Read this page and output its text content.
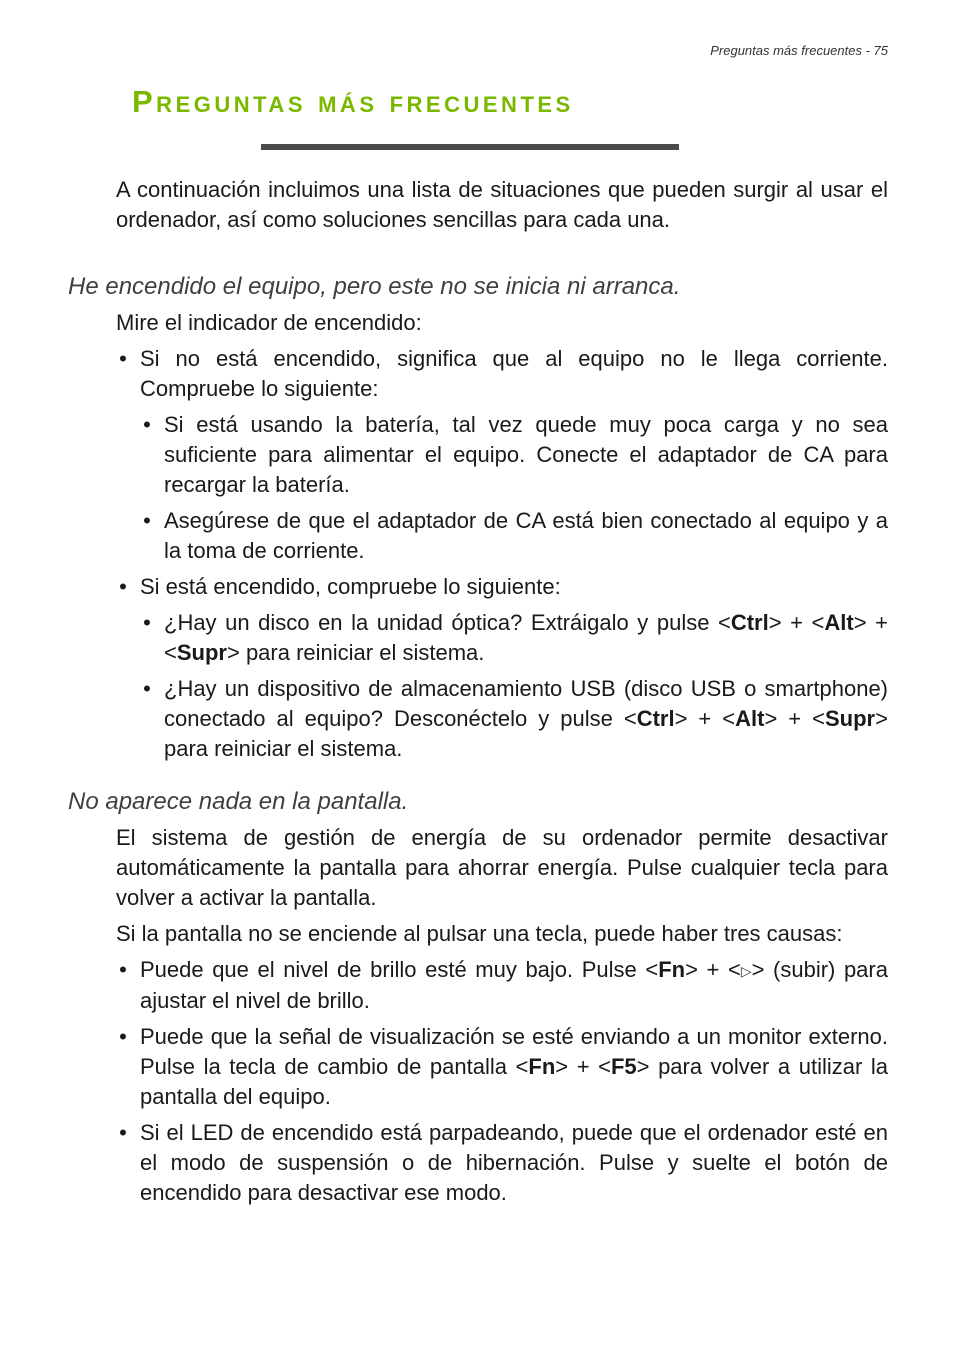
Preguntas más frecuentes - 75
Preguntas más frecuentes

A continuación incluimos una lista de situaciones que pueden surgir al usar el ordenador, así como soluciones sencillas para cada una.

He encendido el equipo, pero este no se inicia ni arranca.

Mire el indicador de encendido:

• Si no está encendido, significa que al equipo no le llega corriente. Compruebe lo siguiente:
• Si está usando la batería, tal vez quede muy poca carga y no sea suficiente para alimentar el equipo. Conecte el adaptador de CA para recargar la batería.
• Asegúrese de que el adaptador de CA está bien conectado al equipo y a la toma de corriente.
• Si está encendido, compruebe lo siguiente:
• ¿Hay un disco en la unidad óptica? Extráigalo y pulse <Ctrl> + <Alt> + <Supr> para reiniciar el sistema.
• ¿Hay un dispositivo de almacenamiento USB (disco USB o smartphone) conectado al equipo? Desconéctelo y pulse <Ctrl> + <Alt> + <Supr> para reiniciar el sistema.

No aparece nada en la pantalla.

El sistema de gestión de energía de su ordenador permite desactivar automáticamente la pantalla para ahorrar energía. Pulse cualquier tecla para volver a activar la pantalla.

Si la pantalla no se enciende al pulsar una tecla, puede haber tres causas:

• Puede que el nivel de brillo esté muy bajo. Pulse <Fn> + <▷> (subir) para ajustar el nivel de brillo.
• Puede que la señal de visualización se esté enviando a un monitor externo. Pulse la tecla de cambio de pantalla <Fn> + <F5> para volver a utilizar la pantalla del equipo.
• Si el LED de encendido está parpadeando, puede que el ordenador esté en el modo de suspensión o de hibernación. Pulse y suelte el botón de encendido para desactivar ese modo.
